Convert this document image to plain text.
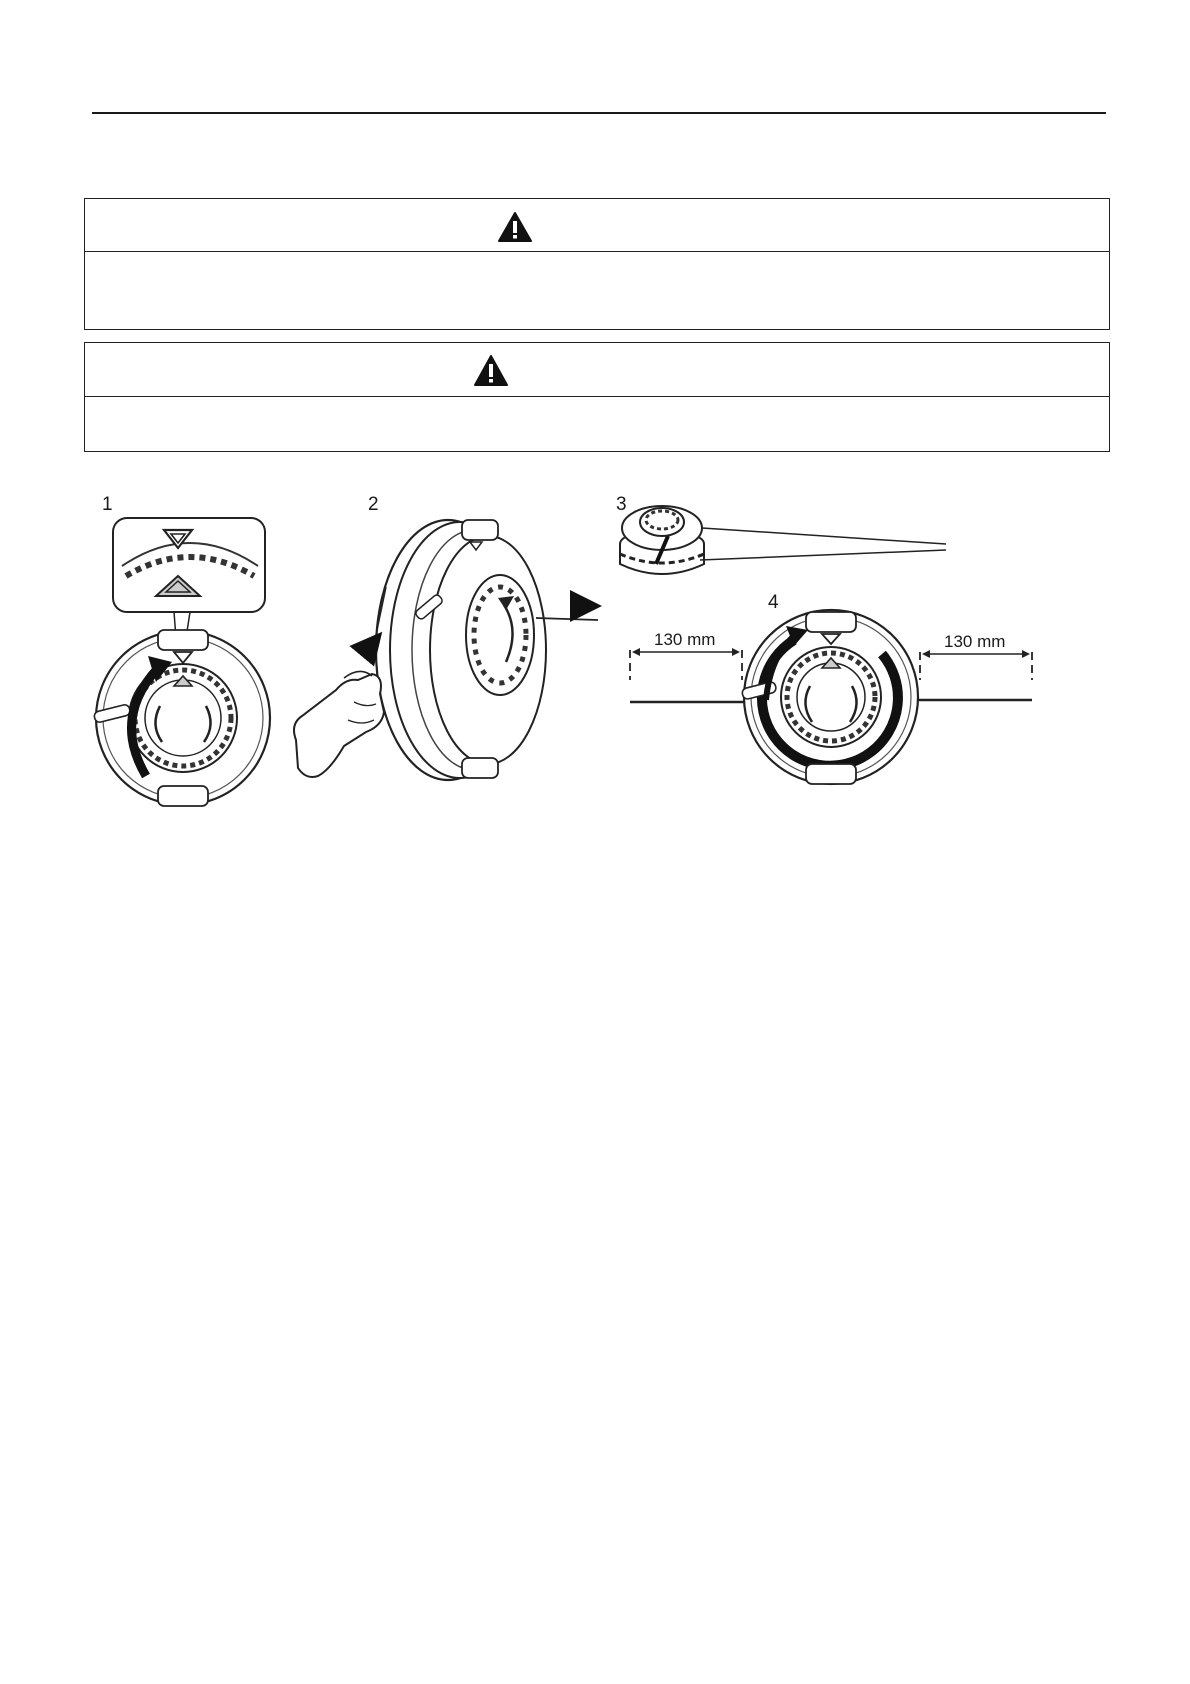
1	2	3
4
130 mm	130 mm
